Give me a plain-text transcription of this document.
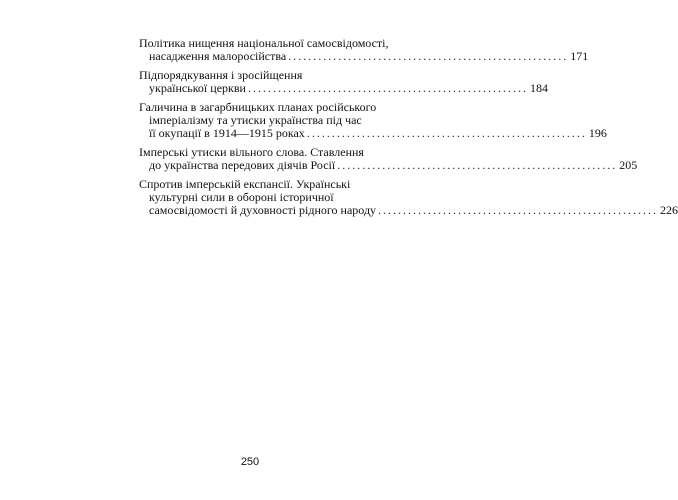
Політика нищення національної самосвідомості,
насадження малоросійства ........................................................ 171
Підпорядкування і зросійщення
української церкви ........................................................ 184
Галичина в загарбницьких планах російського
імперіалізму та утиски українства під час
її окупації в 1914—1915 роках ........................................................ 196
Імперські утиски вільного слова. Ставлення
до українства передових діячів Росії ........................................................ 205
Спротив імперській експансії. Українські
культурні сили в обороні історичної
самосвідомості й духовності рідного народу ........................................................ 226
250
